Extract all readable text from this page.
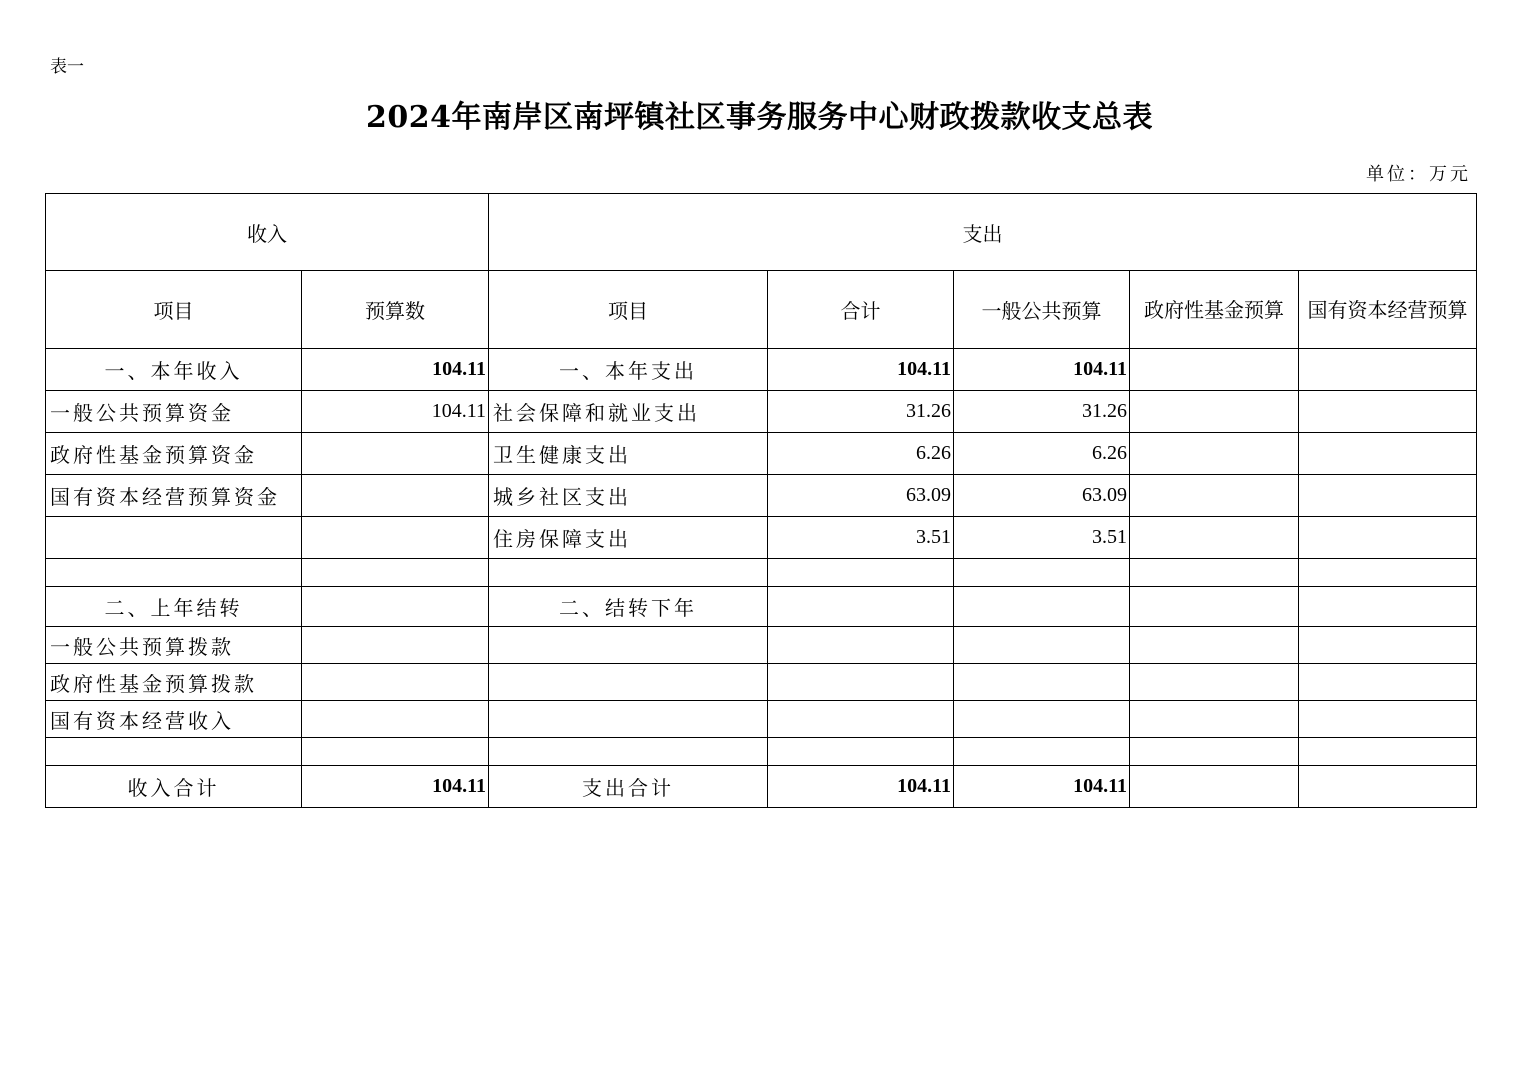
表一
2024年南岸区南坪镇社区事务服务中心财政拨款收支总表
单位：万元
收入		支出				
项目	预算数	项目	合计	一般公共预算	政府性基金预算	国有资本经营预算
一、本年收入	104.11	一、本年支出	104.11	104.11		
一般公共预算资金	104.11	社会保障和就业支出	31.26	31.26		
政府性基金预算资金		卫生健康支出	6.26	6.26		
国有资本经营预算资金		城乡社区支出	63.09	63.09		
		住房保障支出	3.51	3.51		

二、上年结转		二、结转下年				
一般公共预算拨款						
政府性基金预算拨款						
国有资本经营收入						

收入合计	104.11	支出合计	104.11	104.11		
